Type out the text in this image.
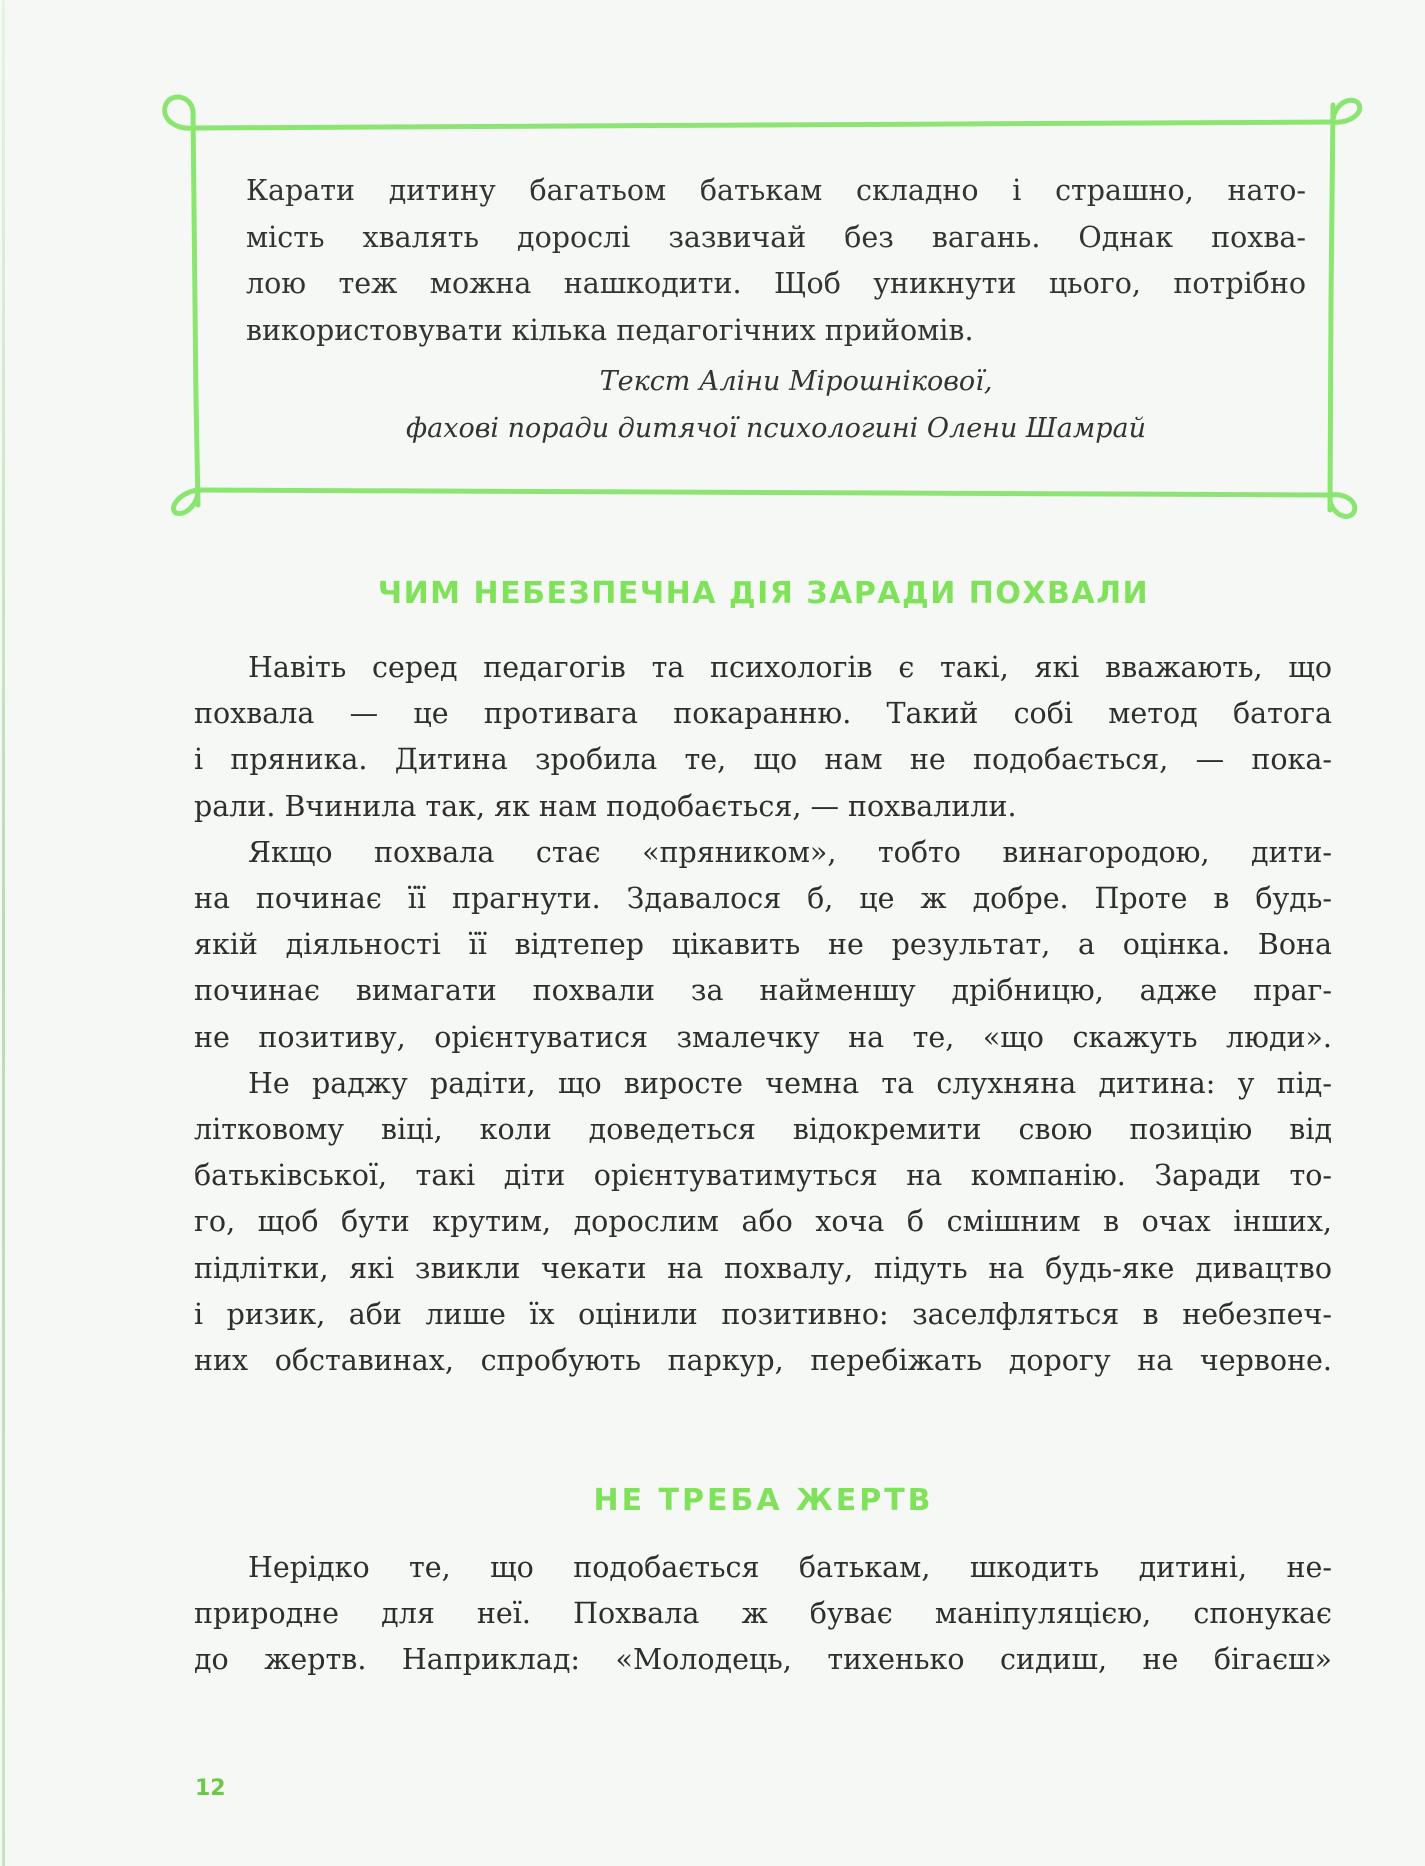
Карати дитину багатьом батькам складно і страшно, нато-
мість хвалять дорослі зазвичай без вагань. Однак похва-
лою теж можна нашкодити. Щоб уникнути цього, потрібно
використовувати кілька педагогічних прийомів.
Текст Аліни Мірошнікової,
фахові поради дитячої психологині Олени Шамрай
ЧИМ НЕБЕЗПЕЧНА ДІЯ ЗАРАДИ ПОХВАЛИ
Навіть серед педагогів та психологів є такі, які вважають, що
похвала — це противага покаранню. Такий собі метод батога
і пряника. Дитина зробила те, що нам не подобається, — пока-
рали. Вчинила так, як нам подобається, — похвалили.
Якщо похвала стає «пряником», тобто винагородою, дити-
на починає її прагнути. Здавалося б, це ж добре. Проте в будь-
якій діяльності її відтепер цікавить не результат, а оцінка. Вона
починає вимагати похвали за найменшу дрібницю, адже праг-
не позитиву, орієнтуватися змалечку на те, «що скажуть люди».
Не раджу радіти, що виросте чемна та слухняна дитина: у під-
літковому віці, коли доведеться відокремити свою позицію від
батьківської, такі діти орієнтуватимуться на компанію. Заради то-
го, щоб бути крутим, дорослим або хоча б смішним в очах інших,
підлітки, які звикли чекати на похвалу, підуть на будь-яке дивацтво
і ризик, аби лише їх оцінили позитивно: заселфляться в небезпеч-
них обставинах, спробують паркур, перебіжать дорогу на червоне.
НЕ ТРЕБА ЖЕРТВ
Нерідко те, що подобається батькам, шкодить дитині, не-
природне для неї. Похвала ж буває маніпуляцією, спонукає
до жертв. Наприклад: «Молодець, тихенько сидиш, не бігаєш»
12
